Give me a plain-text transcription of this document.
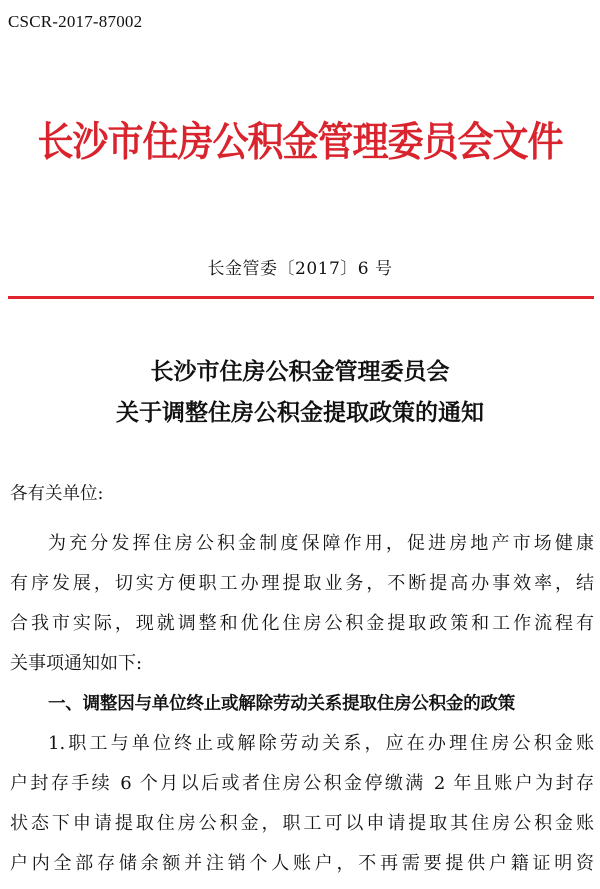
CSCR-2017-87002
长沙市住房公积金管理委员会文件
长金管委〔2017〕6 号
长沙市住房公积金管理委员会
关于调整住房公积金提取政策的通知
各有关单位:
为充分发挥住房公积金制度保障作用，促进房地产市场健康
有序发展，切实方便职工办理提取业务，不断提高办事效率，结
合我市实际，现就调整和优化住房公积金提取政策和工作流程有
关事项通知如下:
一、调整因与单位终止或解除劳动关系提取住房公积金的政策
1.职工与单位终止或解除劳动关系，应在办理住房公积金账
户封存手续 6 个月以后或者住房公积金停缴满 2 年且账户为封存
状态下申请提取住房公积金，职工可以申请提取其住房公积金账
户内全部存储余额并注销个人账户，不再需要提供户籍证明资
